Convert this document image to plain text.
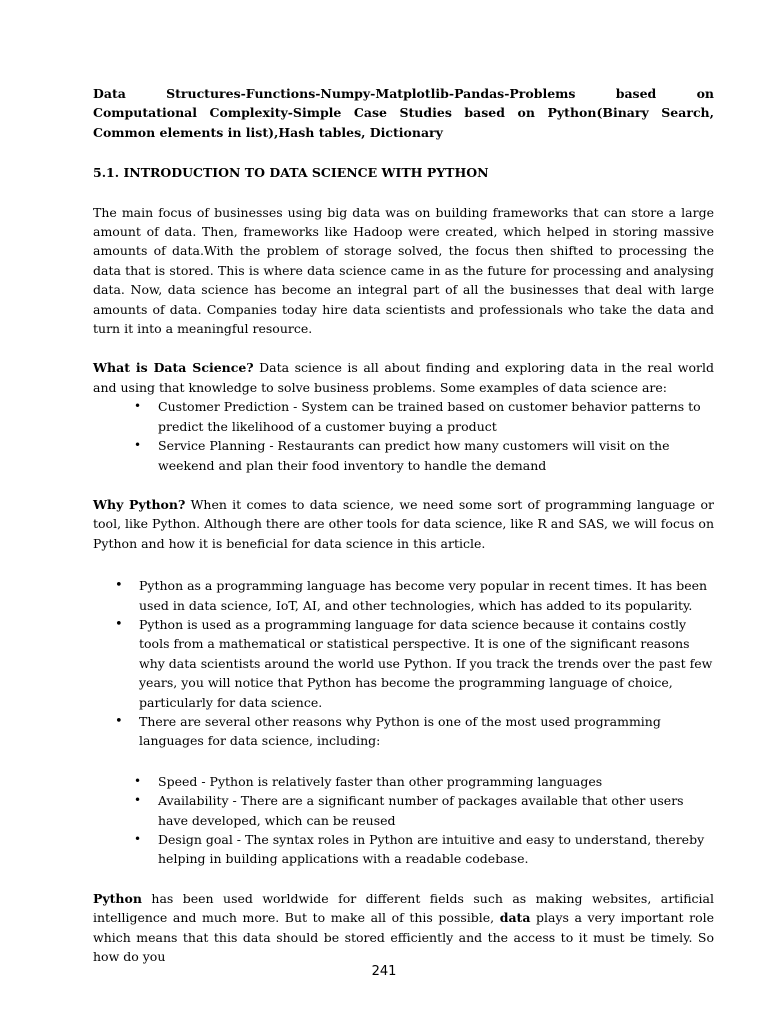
Data Structures-Functions-Numpy-Matplotlib-Pandas-Problems based on Computational Complexity-Simple Case Studies based on Python(Binary Search, Common elements in list),Hash tables, Dictionary

5.1. INTRODUCTION TO DATA SCIENCE WITH PYTHON

The main focus of businesses using big data was on building frameworks that can store a large amount of data. Then, frameworks like Hadoop were created, which helped in storing massive amounts of data.With the problem of storage solved, the focus then shifted to processing the data that is stored. This is where data science came in as the future for processing and analysing data. Now, data science has become an integral part of all the businesses that deal with large amounts of data. Companies today hire data scientists and professionals who take the data and turn it into a meaningful resource.

What is Data Science? Data science is all about finding and exploring data in the real world and using that knowledge to solve business problems. Some examples of data science are:

• Customer Prediction - System can be trained based on customer behavior patterns to predict the likelihood of a customer buying a product
• Service Planning - Restaurants can predict how many customers will visit on the weekend and plan their food inventory to handle the demand

Why Python? When it comes to data science, we need some sort of programming language or tool, like Python. Although there are other tools for data science, like R and SAS, we will focus on Python and how it is beneficial for data science in this article.

• Python as a programming language has become very popular in recent times. It has been used in data science, IoT, AI, and other technologies, which has added to its popularity.
• Python is used as a programming language for data science because it contains costly tools from a mathematical or statistical perspective. It is one of the significant reasons why data scientists around the world use Python. If you track the trends over the past few years, you will notice that Python has become the programming language of choice, particularly for data science.
• There are several other reasons why Python is one of the most used programming languages for data science, including:
• Speed - Python is relatively faster than other programming languages
• Availability - There are a significant number of packages available that other users have developed, which can be reused
• Design goal - The syntax roles in Python are intuitive and easy to understand, thereby helping in building applications with a readable codebase.

Python has been used worldwide for different fields such as making websites, artificial intelligence and much more. But to make all of this possible, data plays a very important role which means that this data should be stored efficiently and the access to it must be timely. So how do you

241
